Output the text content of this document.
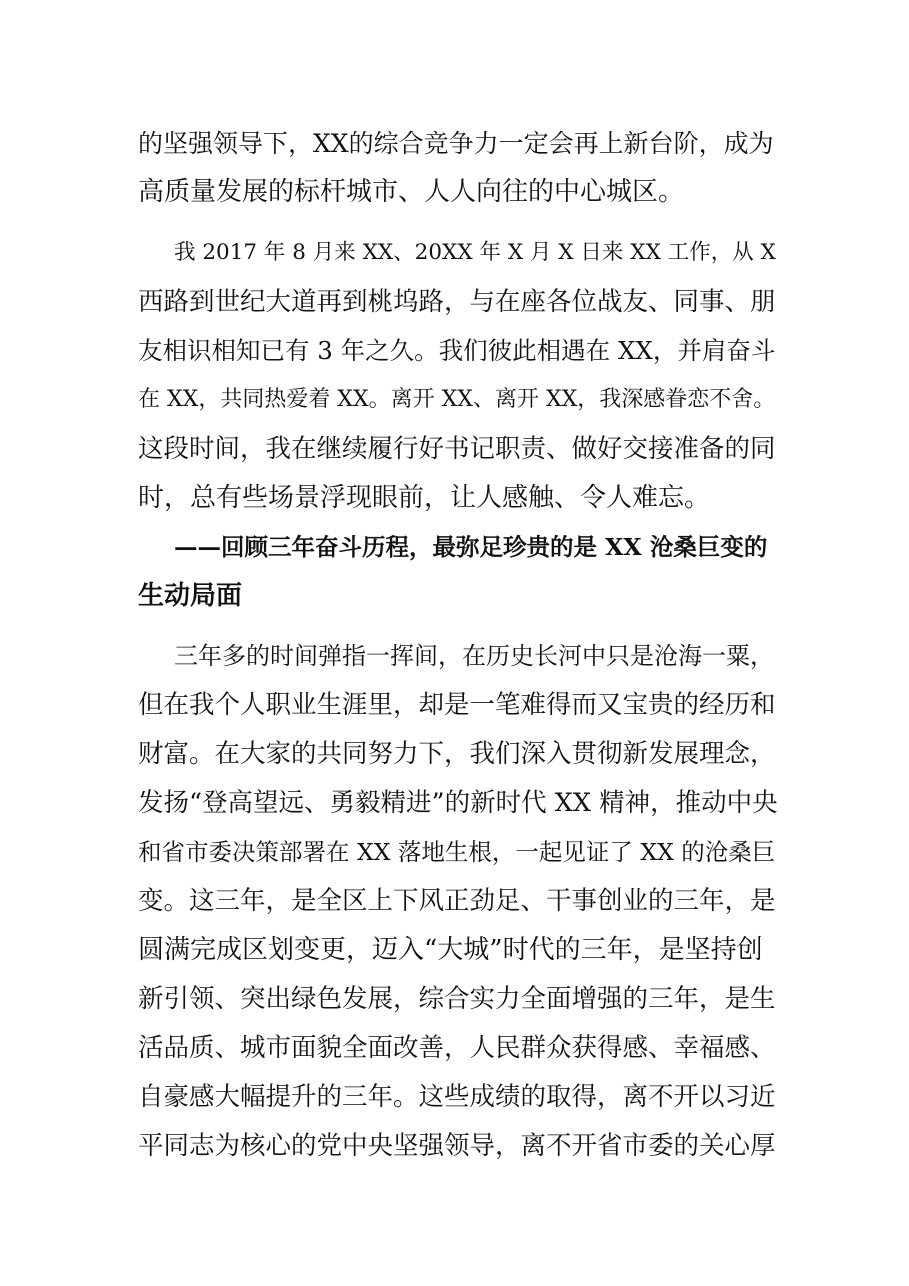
的坚强领导下，XX的综合竞争力一定会再上新台阶，成为
高质量发展的标杆城市、人人向往的中心城区。
我 2017 年 8 月来 XX、20XX 年 X 月 X 日来 XX 工作，从 X
西路到世纪大道再到桃坞路，与在座各位战友、同事、朋
友相识相知已有 3 年之久。我们彼此相遇在 XX，并肩奋斗
在 XX，共同热爱着 XX。离开 XX、离开 XX，我深感眷恋不舍。
这段时间，我在继续履行好书记职责、做好交接准备的同
时，总有些场景浮现眼前，让人感触、令人难忘。
——回顾三年奋斗历程，最弥足珍贵的是 XX 沧桑巨变的
生动局面
三年多的时间弹指一挥间，在历史长河中只是沧海一粟，
但在我个人职业生涯里，却是一笔难得而又宝贵的经历和
财富。在大家的共同努力下，我们深入贯彻新发展理念，
发扬“登高望远、勇毅精进”的新时代 XX 精神，推动中央
和省市委决策部署在 XX 落地生根，一起见证了 XX 的沧桑巨
变。这三年，是全区上下风正劲足、干事创业的三年，是
圆满完成区划变更，迈入“大城”时代的三年，是坚持创
新引领、突出绿色发展，综合实力全面增强的三年，是生
活品质、城市面貌全面改善，人民群众获得感、幸福感、
自豪感大幅提升的三年。这些成绩的取得，离不开以习近
平同志为核心的党中央坚强领导，离不开省市委的关心厚
